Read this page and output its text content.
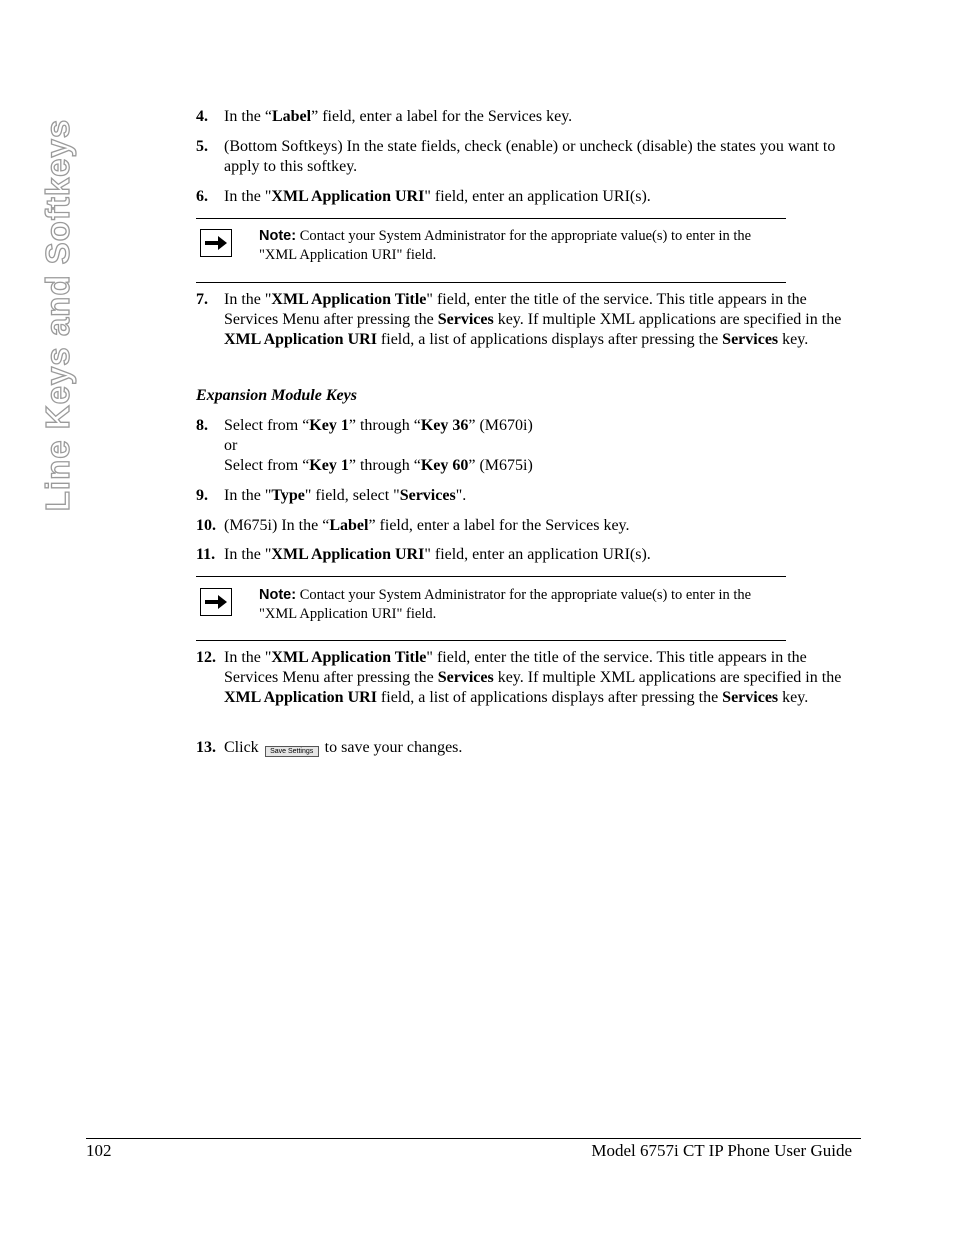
Line Keys and Softkeys
4. In the “Label” field, enter a label for the Services key.
5. (Bottom Softkeys) In the state fields, check (enable) or uncheck (disable) the states you want to apply to this softkey.
6. In the "XML Application URI" field, enter an application URI(s).
Note: Contact your System Administrator for the appropriate value(s) to enter in the "XML Application URI" field.
7. In the "XML Application Title" field, enter the title of the service. This title appears in the Services Menu after pressing the Services key. If multiple XML applications are specified in the XML Application URI field, a list of applications displays after pressing the Services key.
Expansion Module Keys
8. Select from “Key 1” through “Key 36” (M670i)
or
Select from “Key 1” through “Key 60” (M675i)
9. In the "Type" field, select "Services".
10. (M675i) In the “Label” field, enter a label for the Services key.
11. In the "XML Application URI" field, enter an application URI(s).
Note: Contact your System Administrator for the appropriate value(s) to enter in the "XML Application URI" field.
12. In the "XML Application Title" field, enter the title of the service. This title appears in the Services Menu after pressing the Services key. If multiple XML applications are specified in the XML Application URI field, a list of applications displays after pressing the Services key.
13. Click Save Settings to save your changes.
102	Model 6757i CT IP Phone User Guide
